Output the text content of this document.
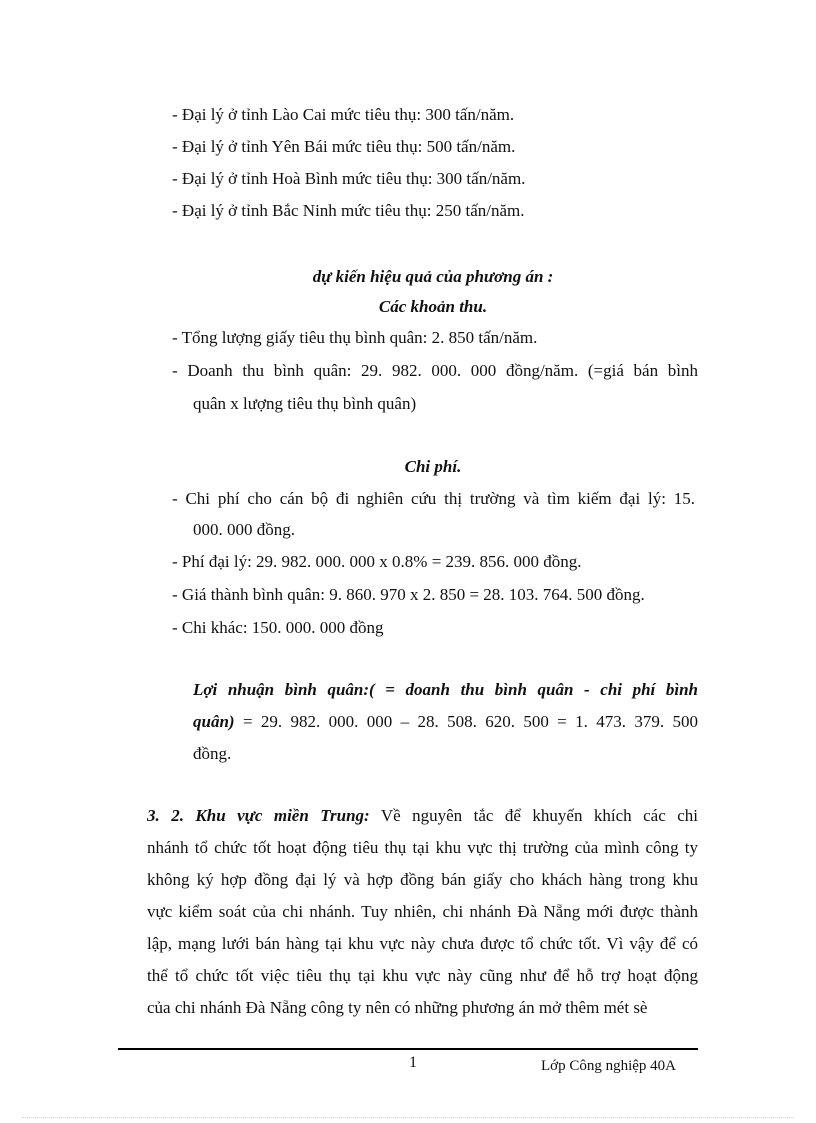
- Đại lý ở tỉnh Lào Cai mức tiêu thụ: 300 tấn/năm.
- Đại lý ở tỉnh Yên Bái mức tiêu thụ: 500 tấn/năm.
- Đại lý ở tỉnh Hoà Bình mức tiêu thụ: 300 tấn/năm.
- Đại lý ở tỉnh Bắc Ninh mức tiêu thụ: 250 tấn/năm.
dự kiến hiệu quả của phương án :
Các khoản thu.
- Tổng lượng giấy tiêu thụ bình quân: 2. 850 tấn/năm.
- Doanh thu bình quân: 29. 982. 000. 000 đồng/năm. (=giá bán bình
quân x lượng tiêu thụ bình quân)
Chi phí.
- Chi phí cho cán bộ đi nghiên cứu thị trường và tìm kiếm đại lý: 15.
000. 000 đồng.
- Phí đại lý: 29. 982. 000. 000 x 0.8% = 239. 856. 000 đồng.
- Giá thành bình quân: 9. 860. 970 x 2. 850 = 28. 103. 764. 500 đồng.
- Chi khác: 150. 000. 000 đồng
Lợi nhuận bình quân:( = doanh thu bình quân - chi phí bình
quân) = 29. 982. 000. 000 – 28. 508. 620. 500 = 1. 473. 379. 500
đồng.
3. 2. Khu vực miền Trung: Về nguyên tắc để khuyến khích các chi
nhánh tổ chức tốt hoạt động tiêu thụ tại khu vực thị trường của mình công ty
không ký hợp đồng đại lý và hợp đồng bán giấy cho khách hàng trong khu
vực kiểm soát của chi nhánh. Tuy nhiên, chi nhánh Đà Nẵng mới được thành
lập, mạng lưới bán hàng tại khu vực này chưa được tổ chức tốt. Vì vậy để có
thể tổ chức tốt việc tiêu thụ tại khu vực này cũng như để hỗ trợ hoạt động
của chi nhánh Đà Nẵng công ty nên có những phương án mở thêm mét sè
1	Lớp Công nghiệp 40A
